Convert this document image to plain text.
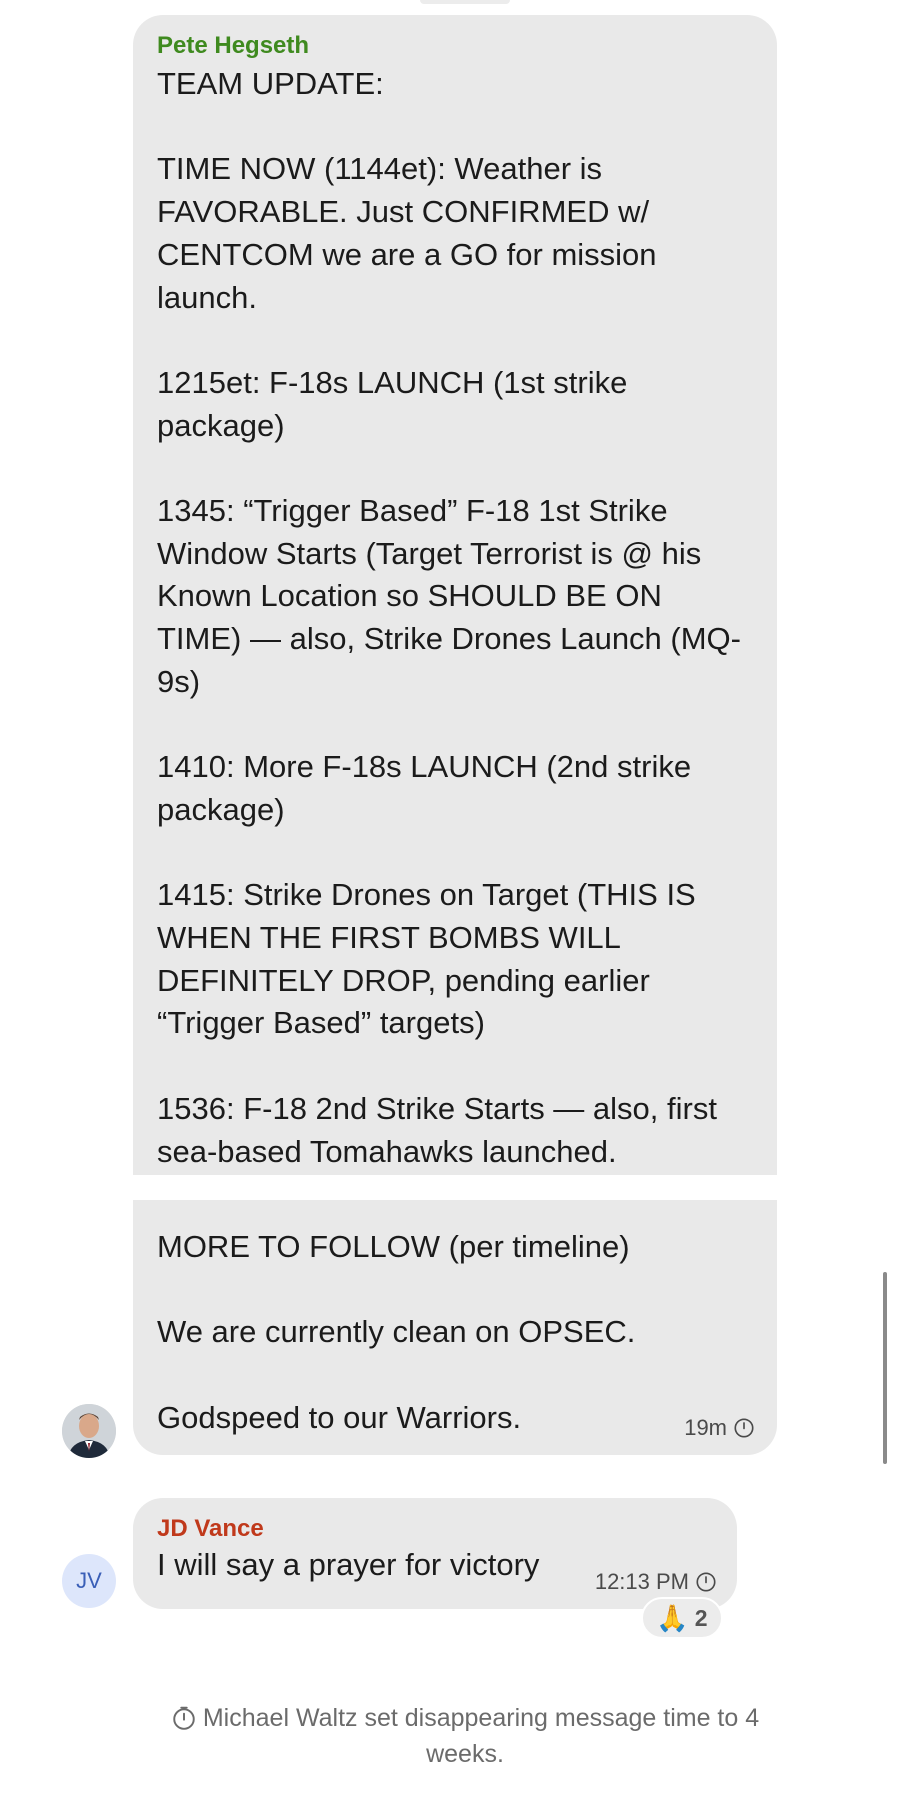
Pete Hegseth
TEAM UPDATE:

TIME NOW (1144et): Weather is FAVORABLE. Just CONFIRMED w/ CENTCOM we are a GO for mission launch.

1215et: F-18s LAUNCH (1st strike package)

1345: “Trigger Based” F-18 1st Strike Window Starts (Target Terrorist is @ his Known Location so SHOULD BE ON TIME) — also, Strike Drones Launch (MQ-9s)

1410: More F-18s LAUNCH (2nd strike package)

1415: Strike Drones on Target (THIS IS WHEN THE FIRST BOMBS WILL DEFINITELY DROP, pending earlier “Trigger Based” targets)

1536: F-18 2nd Strike Starts — also, first sea-based Tomahawks launched.
MORE TO FOLLOW (per timeline)

We are currently clean on OPSEC.

Godspeed to our Warriors.	19m
JD Vance
I will say a prayer for victory	12:13 PM
JV
🙏 2
Michael Waltz set disappearing message time to 4 weeks.
